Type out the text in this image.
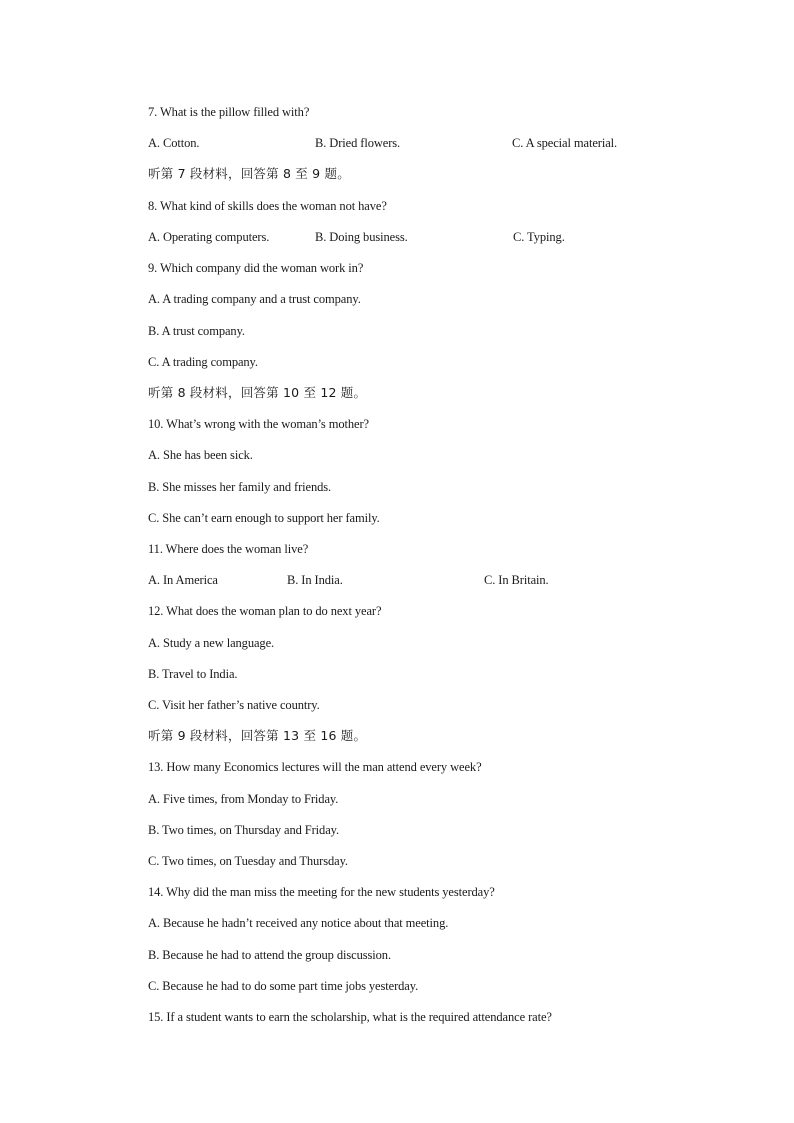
7. What is the pillow filled with?
A. Cotton.	B. Dried flowers.	C. A special material.
听第 7 段材料，回答第 8 至 9 题。
8. What kind of skills does the woman not have?
A. Operating computers.	B. Doing business.	C. Typing.
9. Which company did the woman work in?
A. A trading company and a trust company.
B. A trust company.
C. A trading company.
听第 8 段材料，回答第 10 至 12 题。
10. What’s wrong with the woman’s mother?
A. She has been sick.
B. She misses her family and friends.
C. She can’t earn enough to support her family.
11. Where does the woman live?
A. In America	B. In India.	C. In Britain.
12. What does the woman plan to do next year?
A. Study a new language.
B. Travel to India.
C. Visit her father’s native country.
听第 9 段材料，回答第 13 至 16 题。
13. How many Economics lectures will the man attend every week?
A. Five times, from Monday to Friday.
B. Two times, on Thursday and Friday.
C. Two times, on Tuesday and Thursday.
14. Why did the man miss the meeting for the new students yesterday?
A. Because he hadn’t received any notice about that meeting.
B. Because he had to attend the group discussion.
C. Because he had to do some part time jobs yesterday.
15. If a student wants to earn the scholarship, what is the required attendance rate?
